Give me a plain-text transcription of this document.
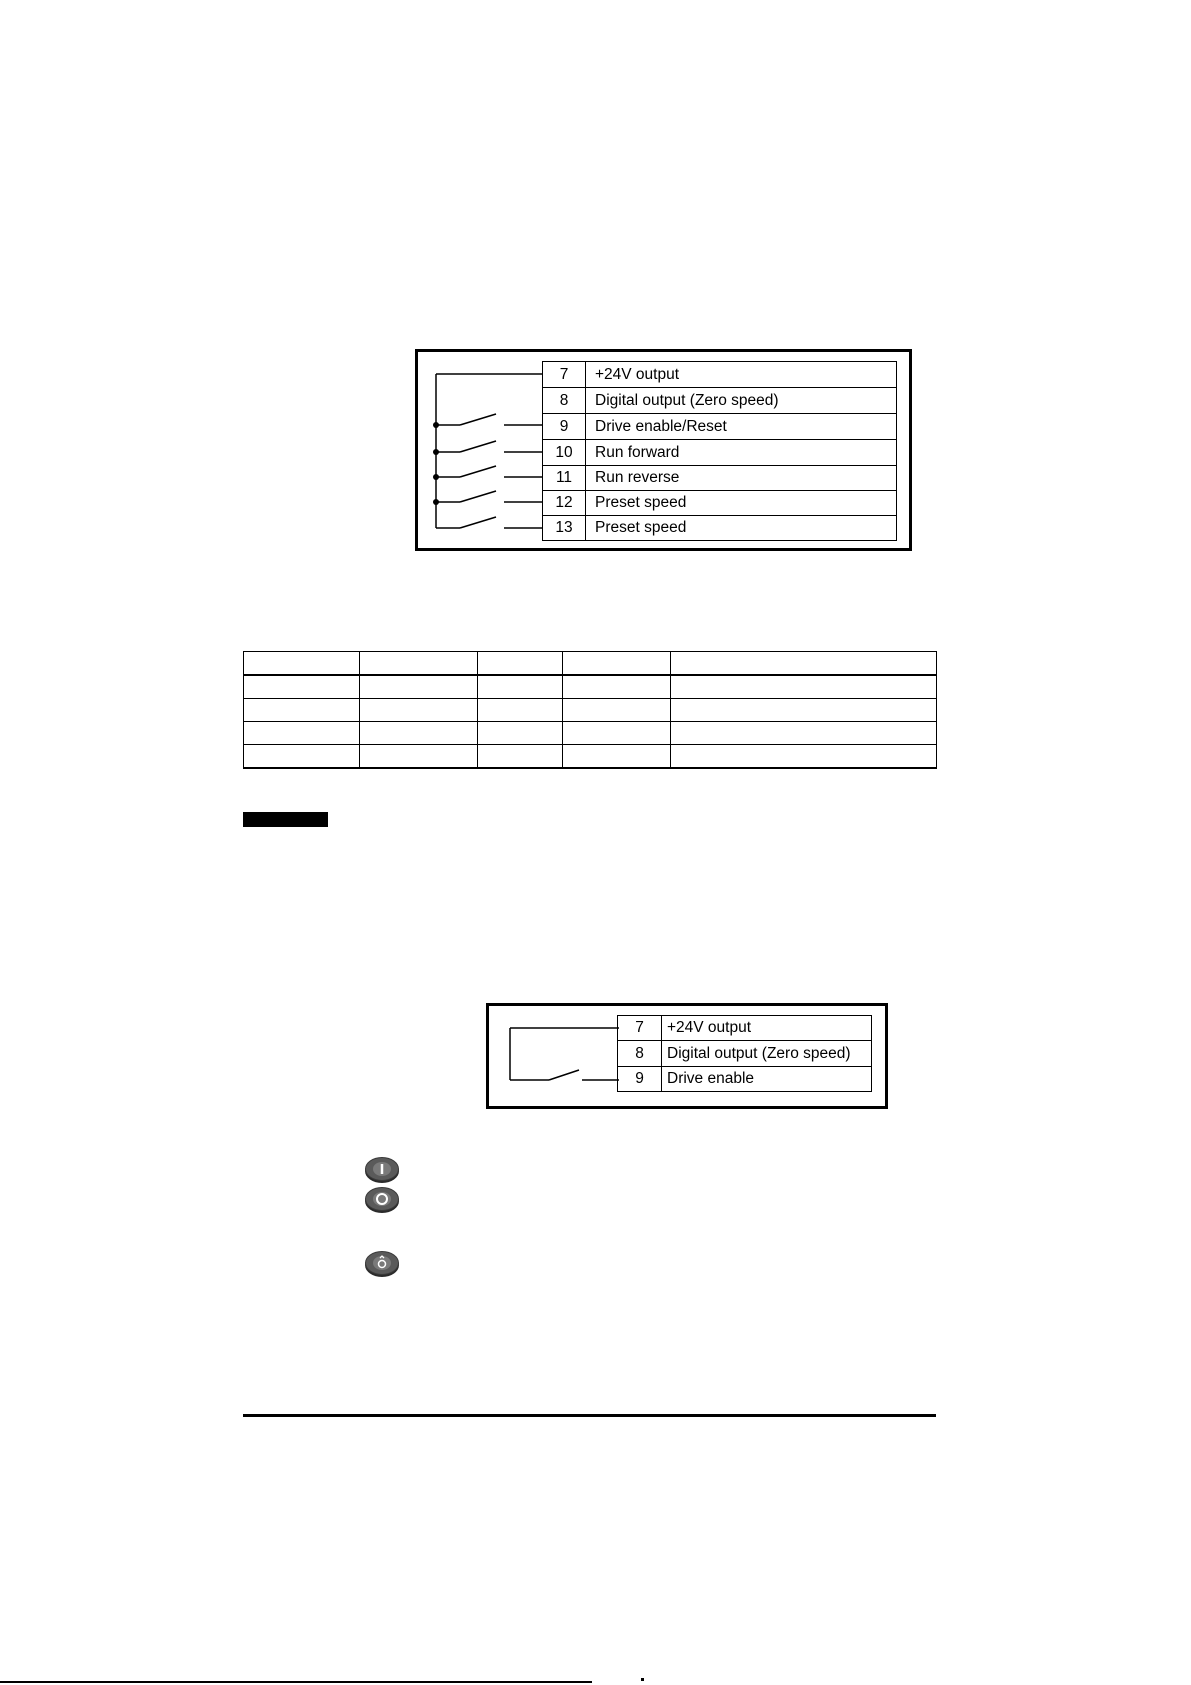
7	+24V output
8	Digital output (Zero speed)
9	Drive enable/Reset
10	Run forward
11	Run reverse
12	Preset speed
13	Preset speed

7	+24V output
8	Digital output (Zero speed)
9	Drive enable
